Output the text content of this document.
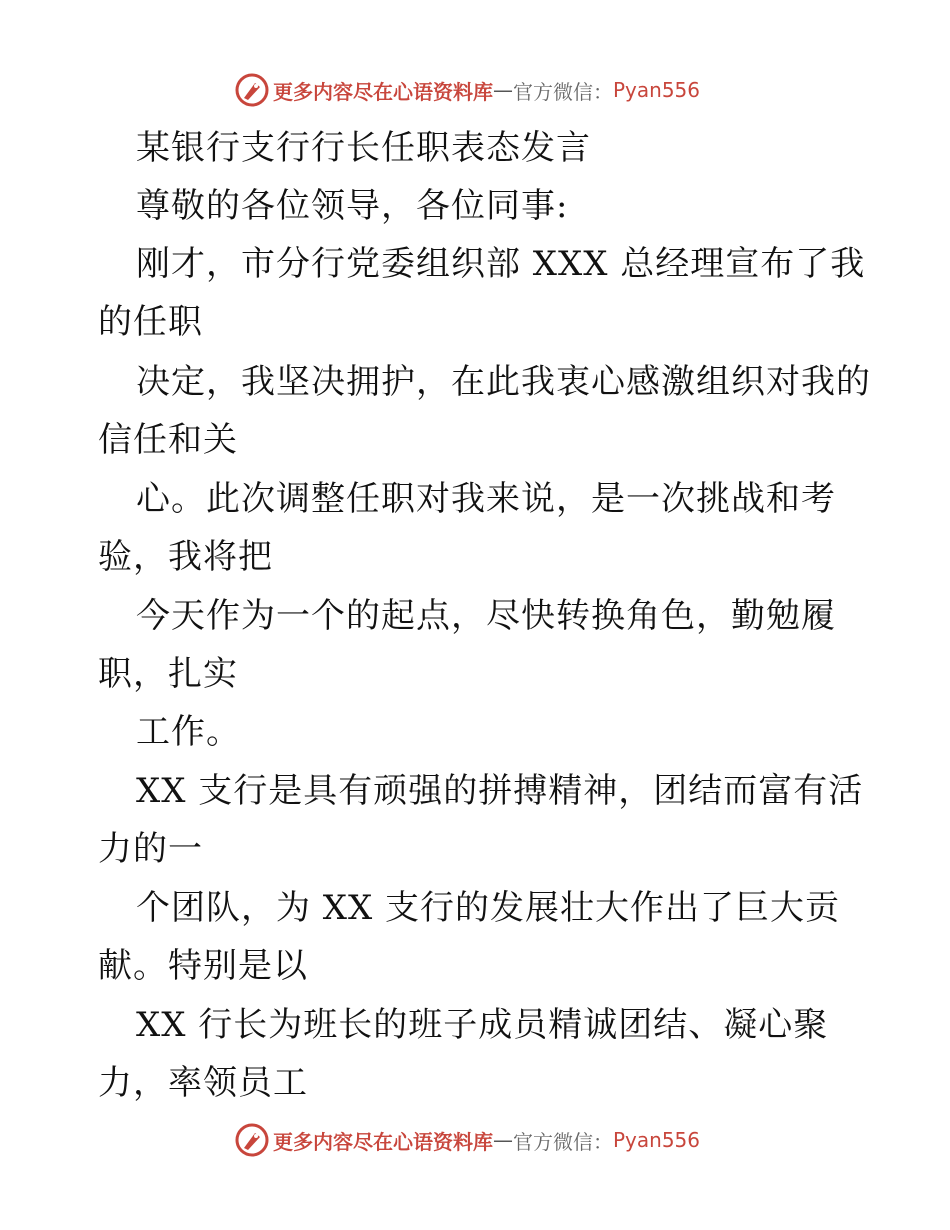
更多内容尽在心语资料库 — 官方微信： Pyan556
某银行支行行长任职表态发言
尊敬的各位领导，各位同事:
刚才，市分行党委组织部 XXX 总经理宣布了我
的任职
决定，我坚决拥护，在此我衷心感激组织对我的
信任和关
心。此次调整任职对我来说，是一次挑战和考
验，我将把
今天作为一个的起点，尽快转换角色，勤勉履
职，扎实
工作。
XX 支行是具有顽强的拼搏精神，团结而富有活
力的一
个团队，为 XX 支行的发展壮大作出了巨大贡
献。特别是以
XX 行长为班长的班子成员精诚团结、凝心聚
力，率领员工
更多内容尽在心语资料库 — 官方微信： Pyan556
